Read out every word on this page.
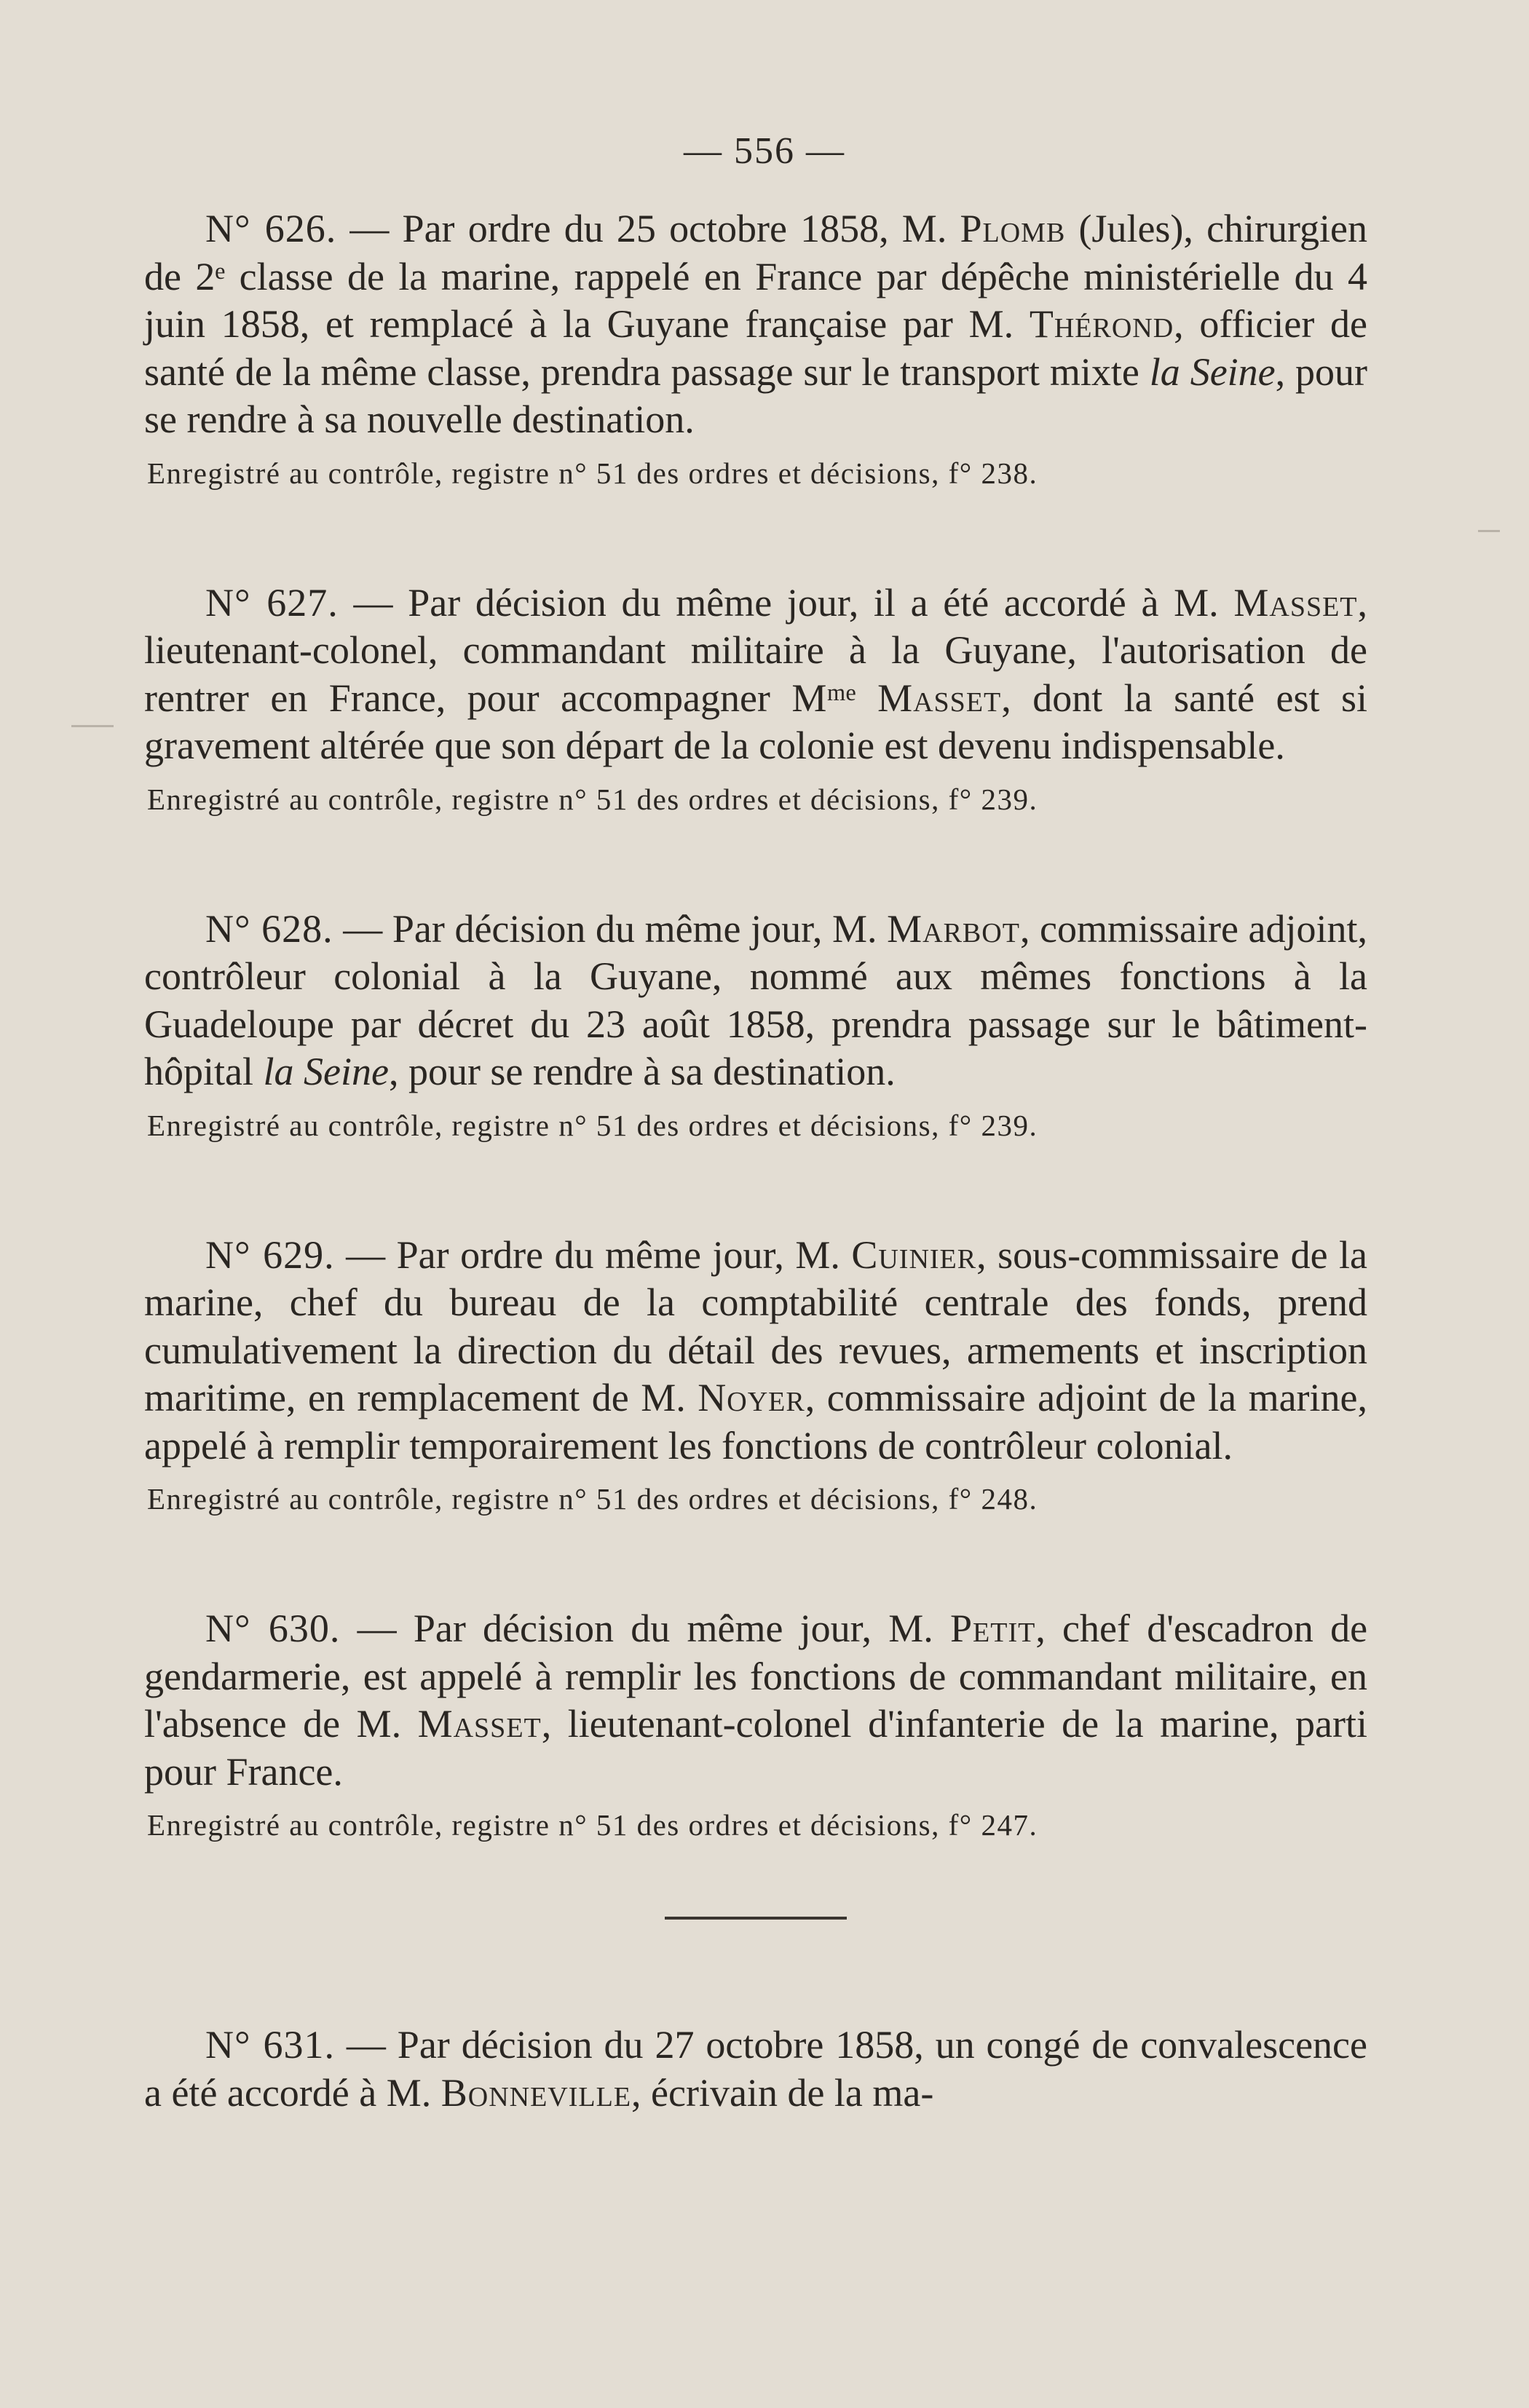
— 556 —

N° 626. — Par ordre du 25 octobre 1858, M. Plomb (Jules), chirurgien de 2ᵉ classe de la marine, rappelé en France par dépêche ministérielle du 4 juin 1858, et remplacé à la Guyane française par M. Thérond, officier de santé de la même classe, prendra passage sur le transport mixte la Seine, pour se rendre à sa nouvelle destination.

Enregistré au contrôle, registre n° 51 des ordres et décisions, f° 238.

N° 627. — Par décision du même jour, il a été accordé à M. Masset, lieutenant-colonel, commandant militaire à la Guyane, l'autorisation de rentrer en France, pour accompagner Mᵐᵉ Masset, dont la santé est si gravement altérée que son départ de la colonie est devenu indispensable.

Enregistré au contrôle, registre n° 51 des ordres et décisions, f° 239.

N° 628. — Par décision du même jour, M. Marbot, commissaire adjoint, contrôleur colonial à la Guyane, nommé aux mêmes fonctions à la Guadeloupe par décret du 23 août 1858, prendra passage sur le bâtiment-hôpital la Seine, pour se rendre à sa destination.

Enregistré au contrôle, registre n° 51 des ordres et décisions, f° 239.

N° 629. — Par ordre du même jour, M. Cuinier, sous-commissaire de la marine, chef du bureau de la comptabilité centrale des fonds, prend cumulativement la direction du détail des revues, armements et inscription maritime, en remplacement de M. Noyer, commissaire adjoint de la marine, appelé à remplir temporairement les fonctions de contrôleur colonial.

Enregistré au contrôle, registre n° 51 des ordres et décisions, f° 248.

N° 630. — Par décision du même jour, M. Petit, chef d'escadron de gendarmerie, est appelé à remplir les fonctions de commandant militaire, en l'absence de M. Masset, lieutenant-colonel d'infanterie de la marine, parti pour France.

Enregistré au contrôle, registre n° 51 des ordres et décisions, f° 247.

N° 631. — Par décision du 27 octobre 1858, un congé de convalescence a été accordé à M. Bonneville, écrivain de la ma-
